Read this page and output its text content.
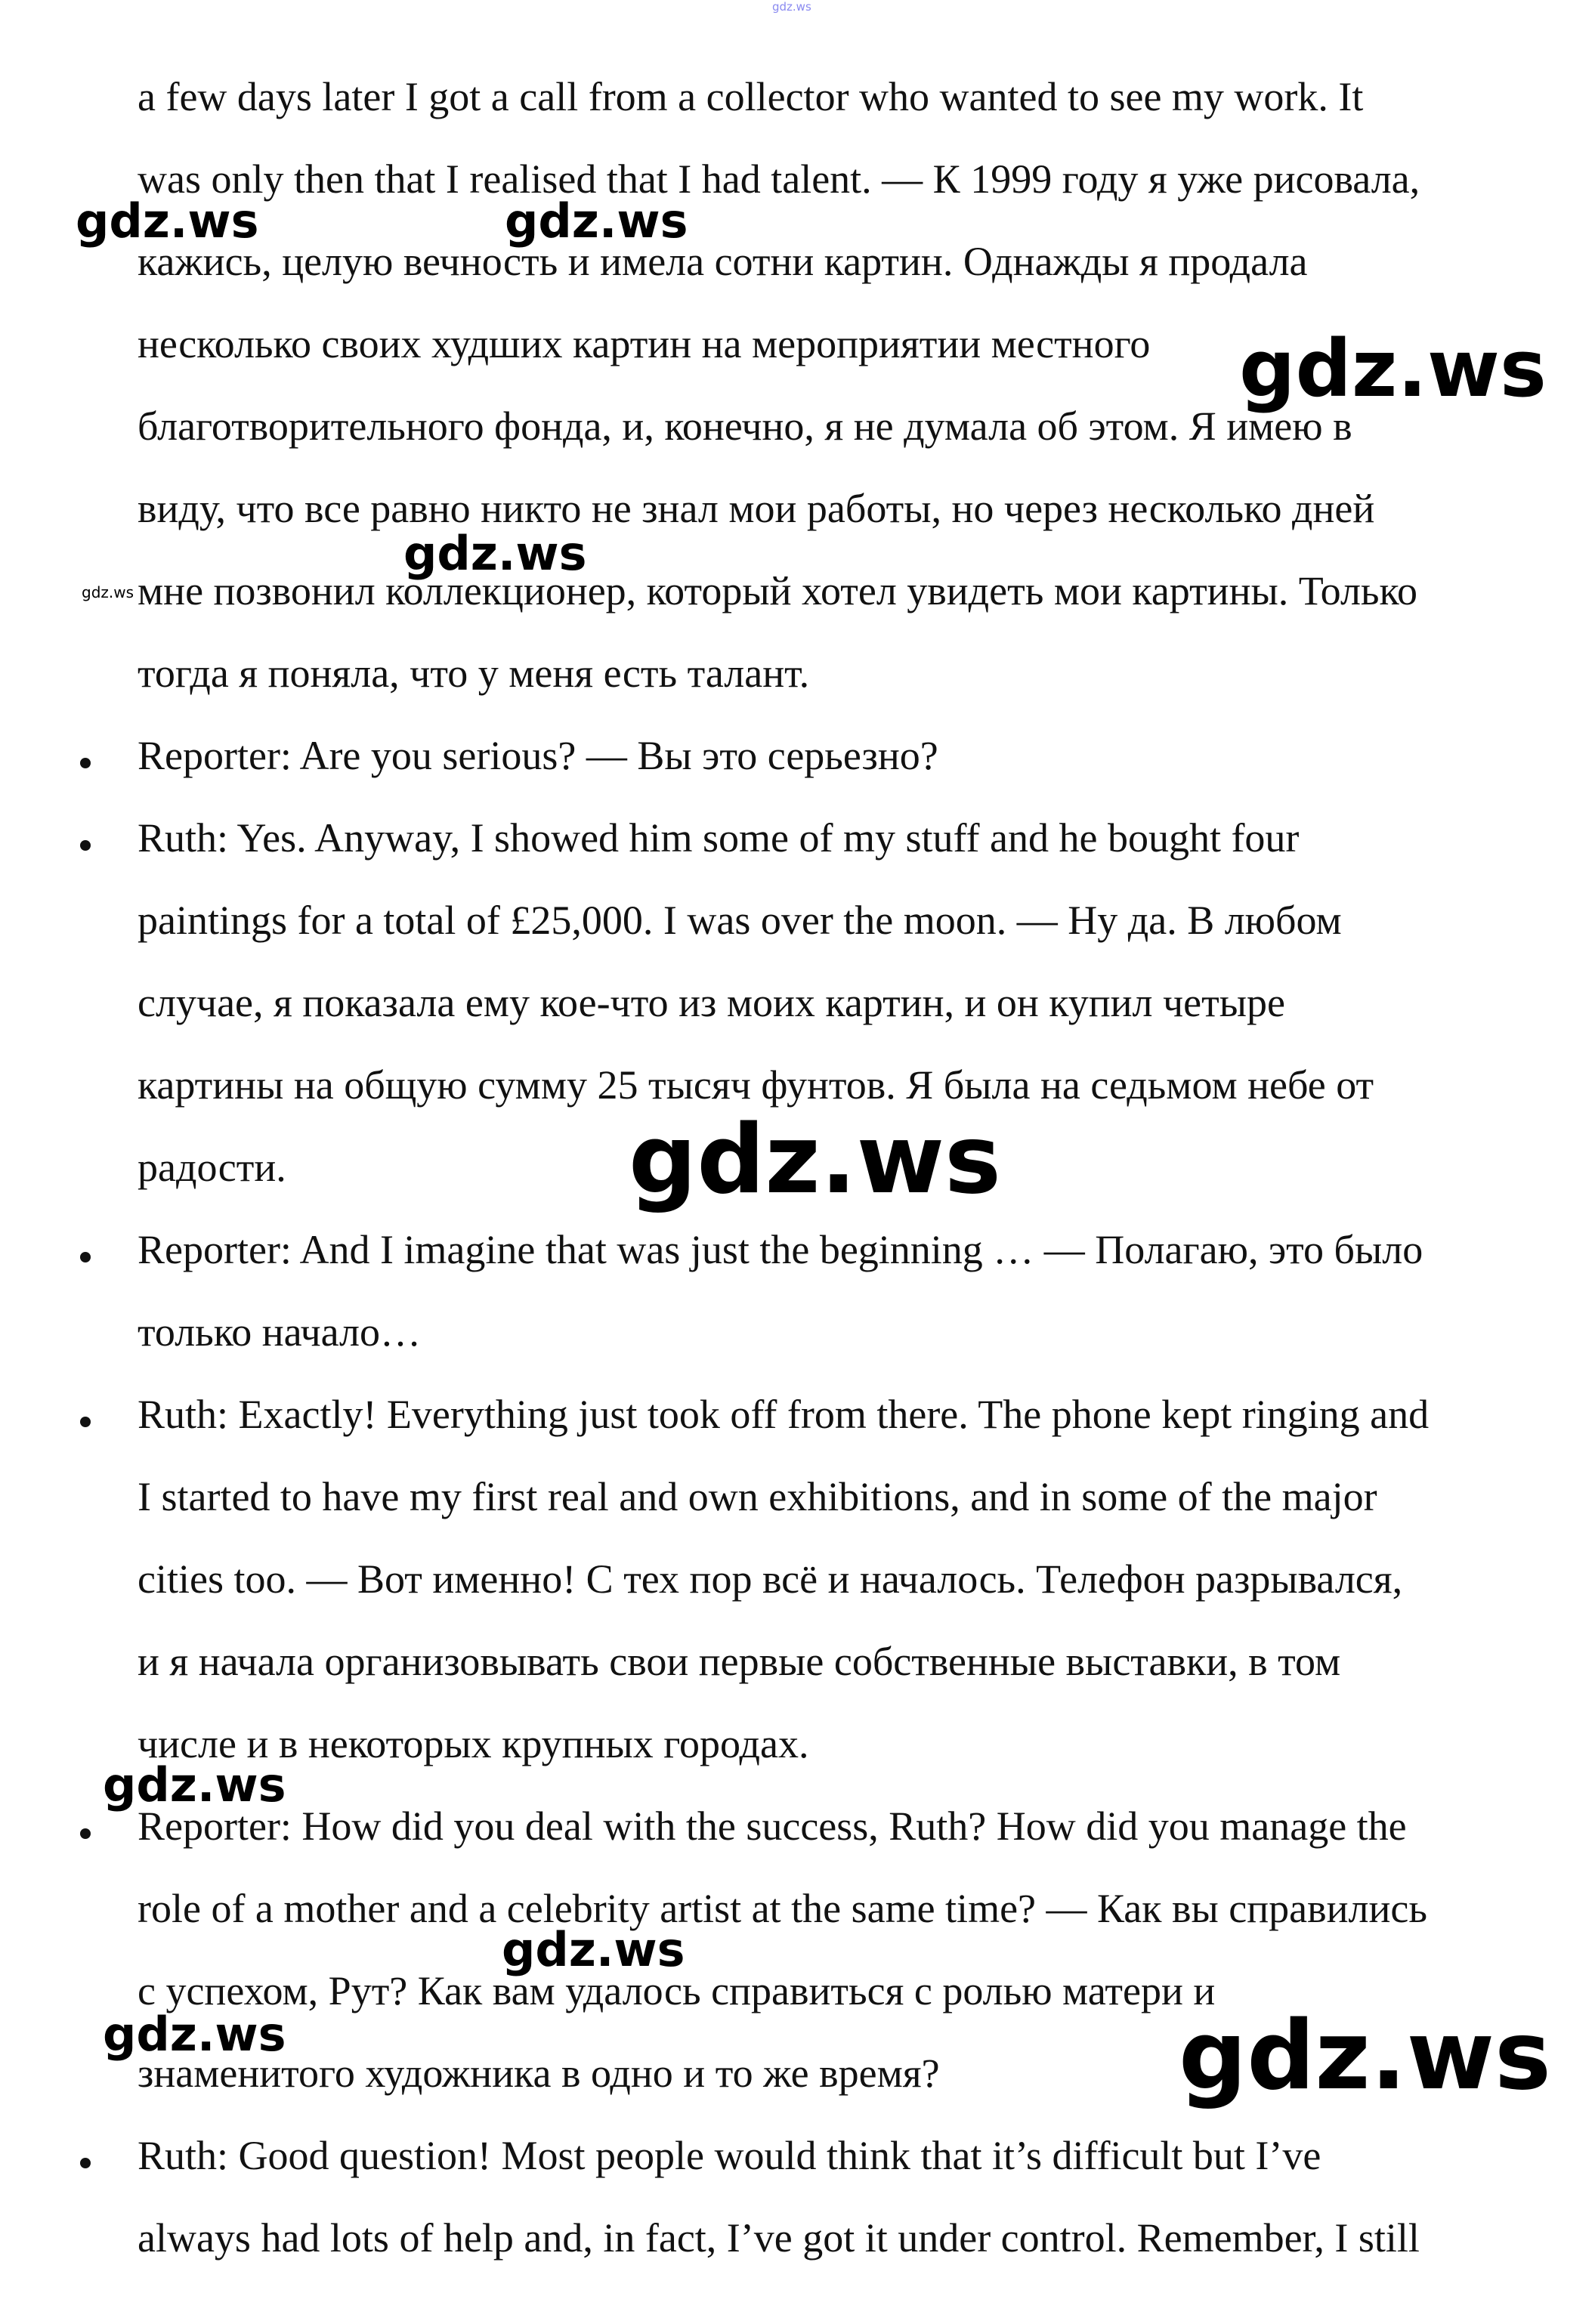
gdz.ws
a few days later I got a call from a collector who wanted to see my work. It
was only then that I realised that I had talent. — К 1999 году я уже рисовала,
кажись, целую вечность и имела сотни картин. Однажды я продала
несколько своих худших картин на мероприятии местного
благотворительного фонда, и, конечно, я не думала об этом. Я имею в
виду, что все равно никто не знал мои работы, но через несколько дней
мне позвонил коллекционер, который хотел увидеть мои картины. Только
тогда я поняла, что у меня есть талант.
Reporter: Are you serious? — Вы это серьезно?
Ruth: Yes. Anyway, I showed him some of my stuff and he bought four
paintings for a total of £25,000. I was over the moon. — Ну да. В любом
случае, я показала ему кое-что из моих картин, и он купил четыре
картины на общую сумму 25 тысяч фунтов. Я была на седьмом небе от
радости.
Reporter: And I imagine that was just the beginning … — Полагаю, это было
только начало…
Ruth: Exactly! Everything just took off from there. The phone kept ringing and
I started to have my first real and own exhibitions, and in some of the major
cities too. — Вот именно! С тех пор всё и началось. Телефон разрывался,
и я начала организовывать свои первые собственные выставки, в том
числе и в некоторых крупных городах.
Reporter: How did you deal with the success, Ruth? How did you manage the
role of a mother and a celebrity artist at the same time? — Как вы справились
с успехом, Рут? Как вам удалось справиться с ролью матери и
знаменитого художника в одно и то же время?
Ruth: Good question! Most people would think that it’s difficult but I’ve
always had lots of help and, in fact, I’ve got it under control. Remember, I still
gdz.ws	gdz.ws
gdz.ws
gdz.ws
gdz.ws
gdz.ws
gdz.ws
gdz.ws
gdz.ws	gdz.ws
